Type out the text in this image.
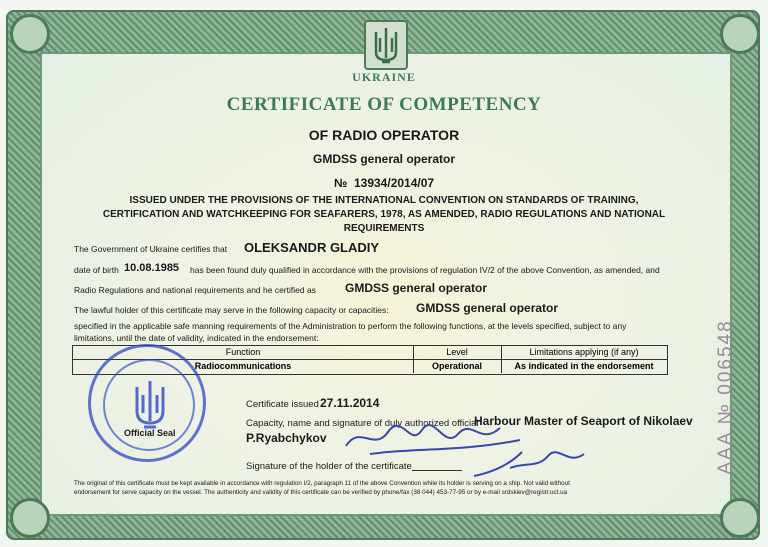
UKRAINE
CERTIFICATE OF COMPETENCY
OF RADIO OPERATOR
GMDSS general operator
№ 13934/2014/07
ISSUED UNDER THE PROVISIONS OF THE INTERNATIONAL CONVENTION ON STANDARDS OF TRAINING,
CERTIFICATION AND WATCHKEEPING FOR SEAFARERS, 1978, AS AMENDED, RADIO REGULATIONS AND NATIONAL
REQUIREMENTS
The Government of Ukraine certifies that OLEKSANDR GLADIY
date of birth 10.08.1985 has been found duly qualified in accordance with the provisions of regulation IV/2 of the above Convention, as amended, and
Radio Regulations and national requirements and he certified as GMDSS general operator
The lawful holder of this certificate may serve in the following capacity or capacities: GMDSS general operator
specified in the applicable safe manning requirements of the Administration to perform the following functions, at the levels specified, subject to any
limitations, until the date of validity, indicated in the endorsement:
Function	Level	Limitations applying (if any)
Radiocommunications	Operational	As indicated in the endorsement
Official Seal
Certificate issued 27.11.2014
Capacity, name and signature of duly authorized official
Harbour Master of Seaport of Nikolaev
P.Ryabchykov
Signature of the holder of the certificate
The original of this certificate must be kept available in accordance with regulation I/2, paragraph 11 of the above Convention while its holder is serving on a ship. Not valid without
endorsement for serve capacity on the vessel. The authenticity and validity of this certificate can be verified by phone/fax (38 044) 453-77-95 or by e-mail srdskiev@registr.uct.ua
AAA № 006548
